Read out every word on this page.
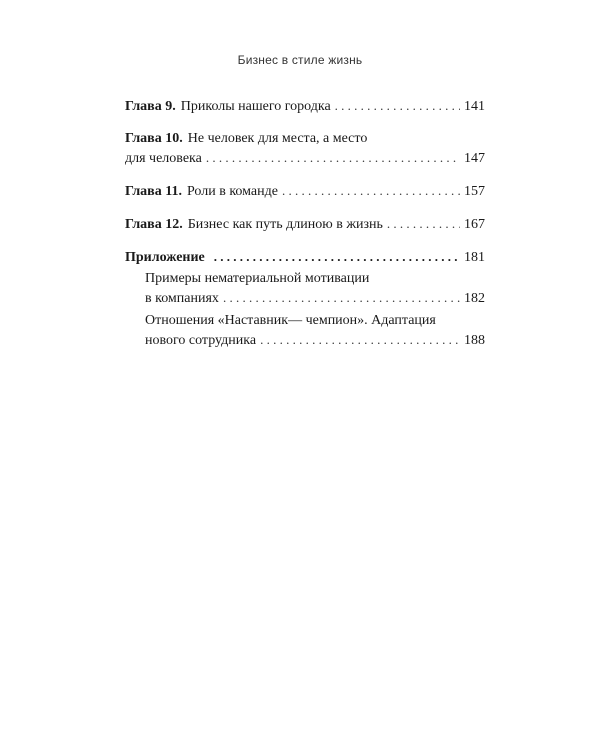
Бизнес в стиле жизнь
Глава 9. Приколы нашего городка . . .	141
Глава 10. Не человек для места, а место
для человека . . .	147
Глава 11. Роли в команде . . .	157
Глава 12. Бизнес как путь длиною в жизнь . . .	167
Приложение . . .	181
Примеры нематериальной мотивации
в компаниях . . .	182
Отношения «Наставник— чемпион». Адаптация
нового сотрудника . . .	188
